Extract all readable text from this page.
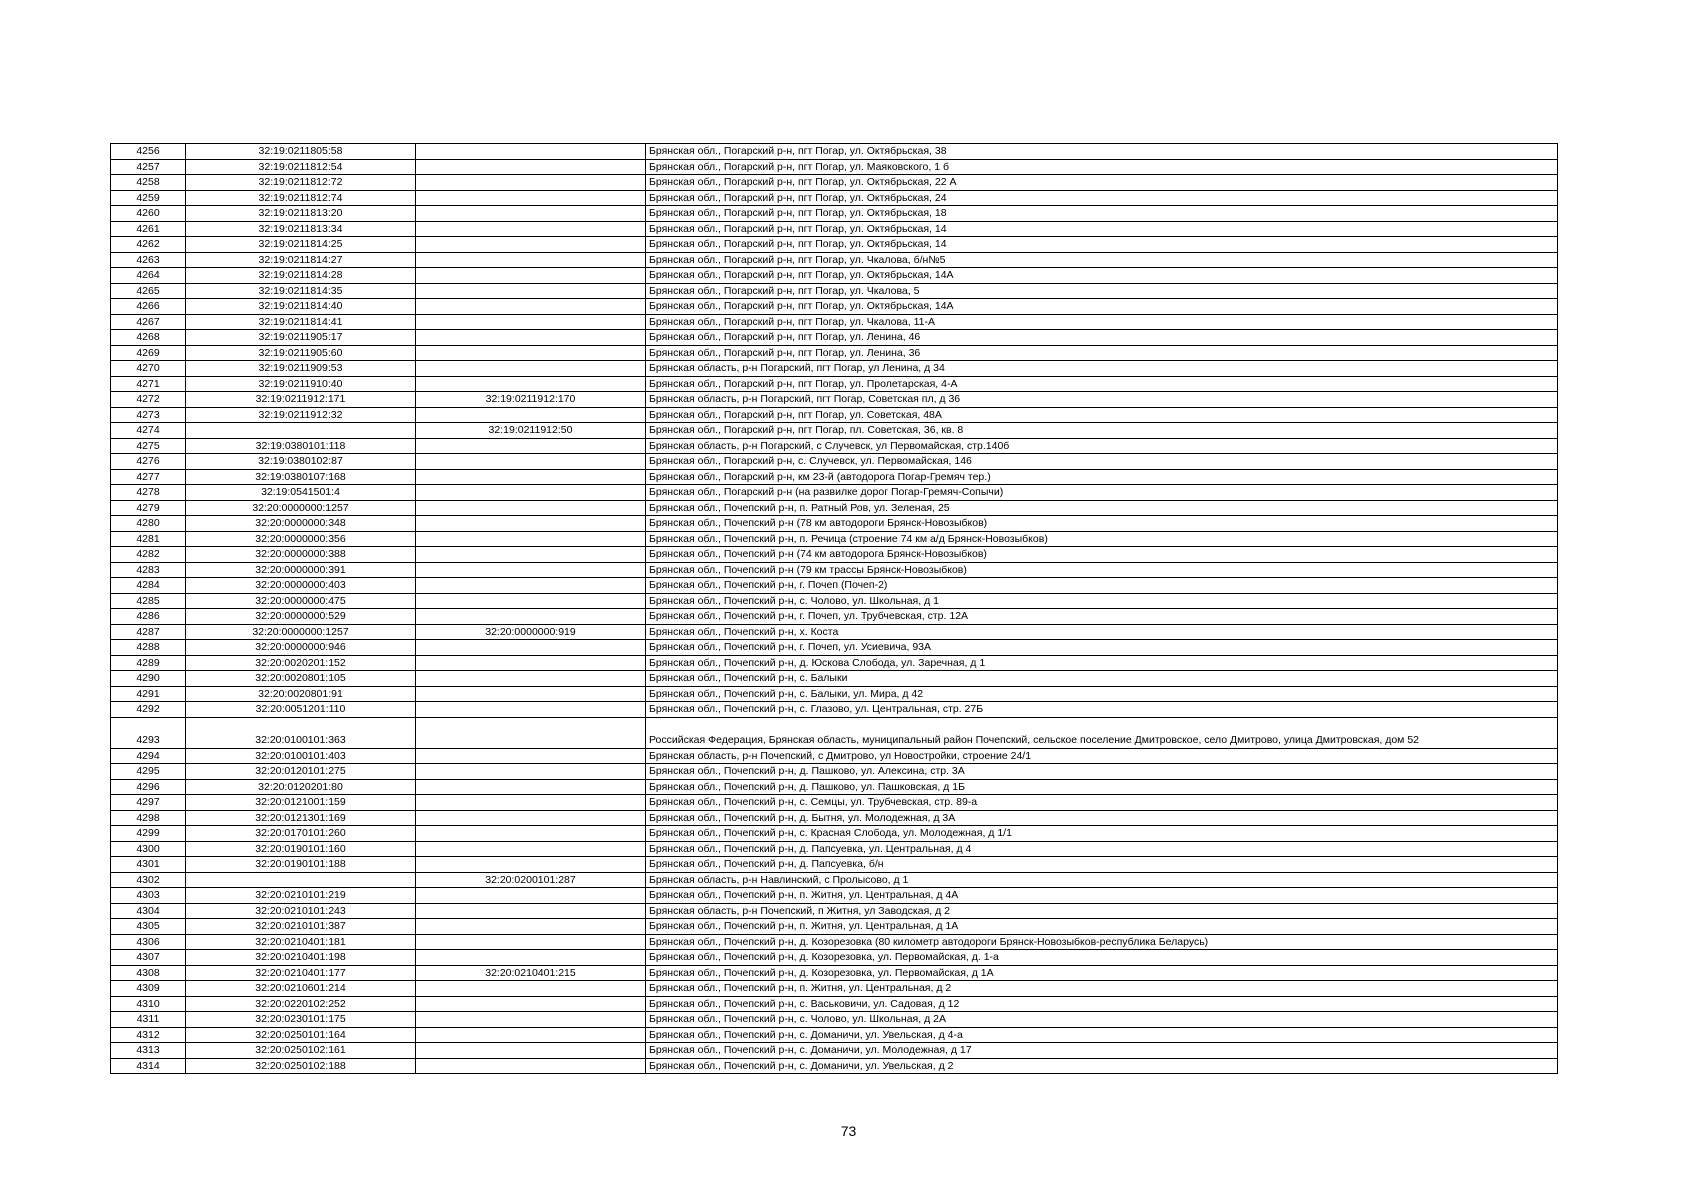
4256	32:19:0211805:58		Брянская обл., Погарский р-н, пгт Погар, ул. Октябрьская, 38
4257	32:19:0211812:54		Брянская обл., Погарский р-н, пгт Погар, ул. Маяковского, 1 б
4258	32:19:0211812:72		Брянская обл., Погарский р-н, пгт Погар, ул. Октябрьская, 22 А
4259	32:19:0211812:74		Брянская обл., Погарский р-н, пгт Погар, ул. Октябрьская, 24
4260	32:19:0211813:20		Брянская обл., Погарский р-н, пгт Погар, ул. Октябрьская, 18
4261	32:19:0211813:34		Брянская обл., Погарский р-н, пгт Погар, ул. Октябрьская, 14
4262	32:19:0211814:25		Брянская обл., Погарский р-н, пгт Погар, ул. Октябрьская, 14
4263	32:19:0211814:27		Брянская обл., Погарский р-н, пгт Погар, ул. Чкалова, б/н№5
4264	32:19:0211814:28		Брянская обл., Погарский р-н, пгт Погар, ул. Октябрьская, 14А
4265	32:19:0211814:35		Брянская обл., Погарский р-н, пгт Погар, ул. Чкалова, 5
4266	32:19:0211814:40		Брянская обл., Погарский р-н, пгт Погар, ул. Октябрьская, 14А
4267	32:19:0211814:41		Брянская обл., Погарский р-н, пгт Погар, ул. Чкалова, 11-А
4268	32:19:0211905:17		Брянская обл., Погарский р-н, пгт Погар, ул. Ленина, 46
4269	32:19:0211905:60		Брянская обл., Погарский р-н, пгт Погар, ул. Ленина, 36
4270	32:19:0211909:53		Брянская область, р-н Погарский, пгт Погар, ул Ленина, д 34
4271	32:19:0211910:40		Брянская обл., Погарский р-н, пгт Погар, ул. Пролетарская, 4-А
4272	32:19:0211912:171	32:19:0211912:170	Брянская область, р-н Погарский, пгт Погар, Советская пл, д 36
4273	32:19:0211912:32		Брянская обл., Погарский р-н, пгт Погар, ул. Советская, 48А
4274		32:19:0211912:50	Брянская обл., Погарский р-н, пгт Погар, пл. Советская, 36, кв. 8
4275	32:19:0380101:118		Брянская область, р-н Погарский, с Случевск, ул Первомайская, стр.140б
4276	32:19:0380102:87		Брянская обл., Погарский р-н, с. Случевск, ул. Первомайская, 146
4277	32:19:0380107:168		Брянская обл., Погарский р-н, км 23-й (автодорога Погар-Гремяч тер.)
4278	32:19:0541501:4		Брянская обл., Погарский р-н (на развилке дорог Погар-Гремяч-Сопычи)
4279	32:20:0000000:1257		Брянская обл., Почепский р-н, п. Ратный Ров, ул. Зеленая, 25
4280	32:20:0000000:348		Брянская обл., Почепский р-н (78 км автодороги Брянск-Новозыбков)
4281	32:20:0000000:356		Брянская обл., Почепский р-н, п. Речица (строение 74 км а/д Брянск-Новозыбков)
4282	32:20:0000000:388		Брянская обл., Почепский р-н (74 км автодорога Брянск-Новозыбков)
4283	32:20:0000000:391		Брянская обл., Почепский р-н (79 км трассы Брянск-Новозыбков)
4284	32:20:0000000:403		Брянская обл., Почепский р-н, г. Почеп (Почеп-2)
4285	32:20:0000000:475		Брянская обл., Почепский р-н, с. Чолово, ул. Школьная, д 1
4286	32:20:0000000:529		Брянская обл., Почепский р-н, г. Почеп, ул. Трубчевская, стр. 12А
4287	32:20:0000000:1257	32:20:0000000:919	Брянская обл., Почепский р-н, х. Коста
4288	32:20:0000000:946		Брянская обл., Почепский р-н, г. Почеп, ул. Усиевича, 93А
4289	32:20:0020201:152		Брянская обл., Почепский р-н, д. Юскова Слобода, ул. Заречная, д 1
4290	32:20:0020801:105		Брянская обл., Почепский р-н, с. Балыки
4291	32:20:0020801:91		Брянская обл., Почепский р-н, с. Балыки, ул. Мира, д 42
4292	32:20:0051201:110		Брянская обл., Почепский р-н, с. Глазово, ул. Центральная, стр. 27Б
4293	32:20:0100101:363		Российская Федерация, Брянская область, муниципальный район Почепский, сельское поселение Дмитровское, село Дмитрово, улица Дмитровская, дом 52
4294	32:20:0100101:403		Брянская область, р-н Почепский, с Дмитрово, ул Новостройки, строение 24/1
4295	32:20:0120101:275		Брянская обл., Почепский р-н, д. Пашково, ул. Алексина, стр. 3А
4296	32:20:0120201:80		Брянская обл., Почепский р-н, д. Пашково, ул. Пашковская, д 1Б
4297	32:20:0121001:159		Брянская обл., Почепский р-н, с. Семцы, ул. Трубчевская, стр. 89-а
4298	32:20:0121301:169		Брянская обл., Почепский р-н, д. Бытня, ул. Молодежная, д 3А
4299	32:20:0170101:260		Брянская обл., Почепский р-н, с. Красная Слобода, ул. Молодежная, д 1/1
4300	32:20:0190101:160		Брянская обл., Почепский р-н, д. Папсуевка, ул. Центральная, д 4
4301	32:20:0190101:188		Брянская обл., Почепский р-н, д. Папсуевка, б/н
4302		32:20:0200101:287	Брянская область, р-н Навлинский, с Пролысово, д 1
4303	32:20:0210101:219		Брянская обл., Почепский р-н, п. Житня, ул. Центральная, д 4А
4304	32:20:0210101:243		Брянская область, р-н Почепский, п Житня, ул Заводская, д 2
4305	32:20:0210101:387		Брянская обл., Почепский р-н, п. Житня, ул. Центральная, д 1А
4306	32:20:0210401:181		Брянская обл., Почепский р-н, д. Козорезовка (80 километр автодороги Брянск-Новозыбков-республика Беларусь)
4307	32:20:0210401:198		Брянская обл., Почепский р-н, д. Козорезовка, ул. Первомайская, д. 1-а
4308	32:20:0210401:177	32:20:0210401:215	Брянская обл., Почепский р-н, д. Козорезовка, ул. Первомайская, д 1А
4309	32:20:0210601:214		Брянская обл., Почепский р-н, п. Житня, ул. Центральная, д 2
4310	32:20:0220102:252		Брянская обл., Почепский р-н, с. Васьковичи, ул. Садовая, д 12
4311	32:20:0230101:175		Брянская обл., Почепский р-н, с. Чолово, ул. Школьная, д 2А
4312	32:20:0250101:164		Брянская обл., Почепский р-н, с. Доманичи, ул. Увельская, д 4-а
4313	32:20:0250102:161		Брянская обл., Почепский р-н, с. Доманичи, ул. Молодежная, д 17
4314	32:20:0250102:188		Брянская обл., Почепский р-н, с. Доманичи, ул. Увельская, д 2
73
